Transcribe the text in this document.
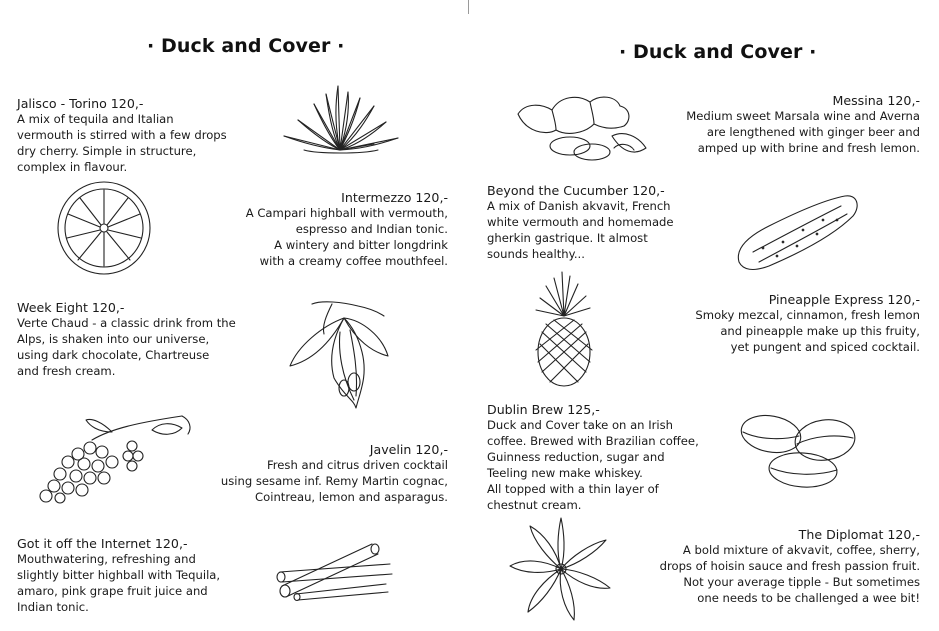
· Duck and Cover ·
Jalisco - Torino 120,-
A mix of tequila and Italian
vermouth is stirred with a few drops
dry cherry. Simple in structure,
complex in flavour.
Intermezzo 120,-
A Campari highball with vermouth,
espresso and Indian tonic.
A wintery and bitter longdrink
with a creamy coffee mouthfeel.
Week Eight 120,-
Verte Chaud - a classic drink from the
Alps, is shaken into our universe,
using dark chocolate, Chartreuse
and fresh cream.
Javelin 120,-
Fresh and citrus driven cocktail
using sesame inf. Remy Martin cognac,
Cointreau, lemon and asparagus.
Got it off the Internet 120,-
Mouthwatering, refreshing and
slightly bitter highball with Tequila,
amaro, pink grape fruit juice and
Indian tonic.
· Duck and Cover ·
Messina 120,-
Medium sweet Marsala wine and Averna
are lengthened with ginger beer and
amped up with brine and fresh lemon.
Beyond the Cucumber 120,-
A mix of Danish akvavit, French
white vermouth and homemade
gherkin gastrique. It almost
sounds healthy...
Pineapple Express 120,-
Smoky mezcal, cinnamon, fresh lemon
and pineapple make up this fruity,
yet pungent and spiced cocktail.
Dublin Brew 125,-
Duck and Cover take on an Irish
coffee. Brewed with Brazilian coffee,
Guinness reduction, sugar and
Teeling new make whiskey.
All topped with a thin layer of
chestnut cream.
The Diplomat 120,-
A bold mixture of akvavit, coffee, sherry,
drops of hoisin sauce and fresh passion fruit.
Not your average tipple - But sometimes
one needs to be challenged a wee bit!
